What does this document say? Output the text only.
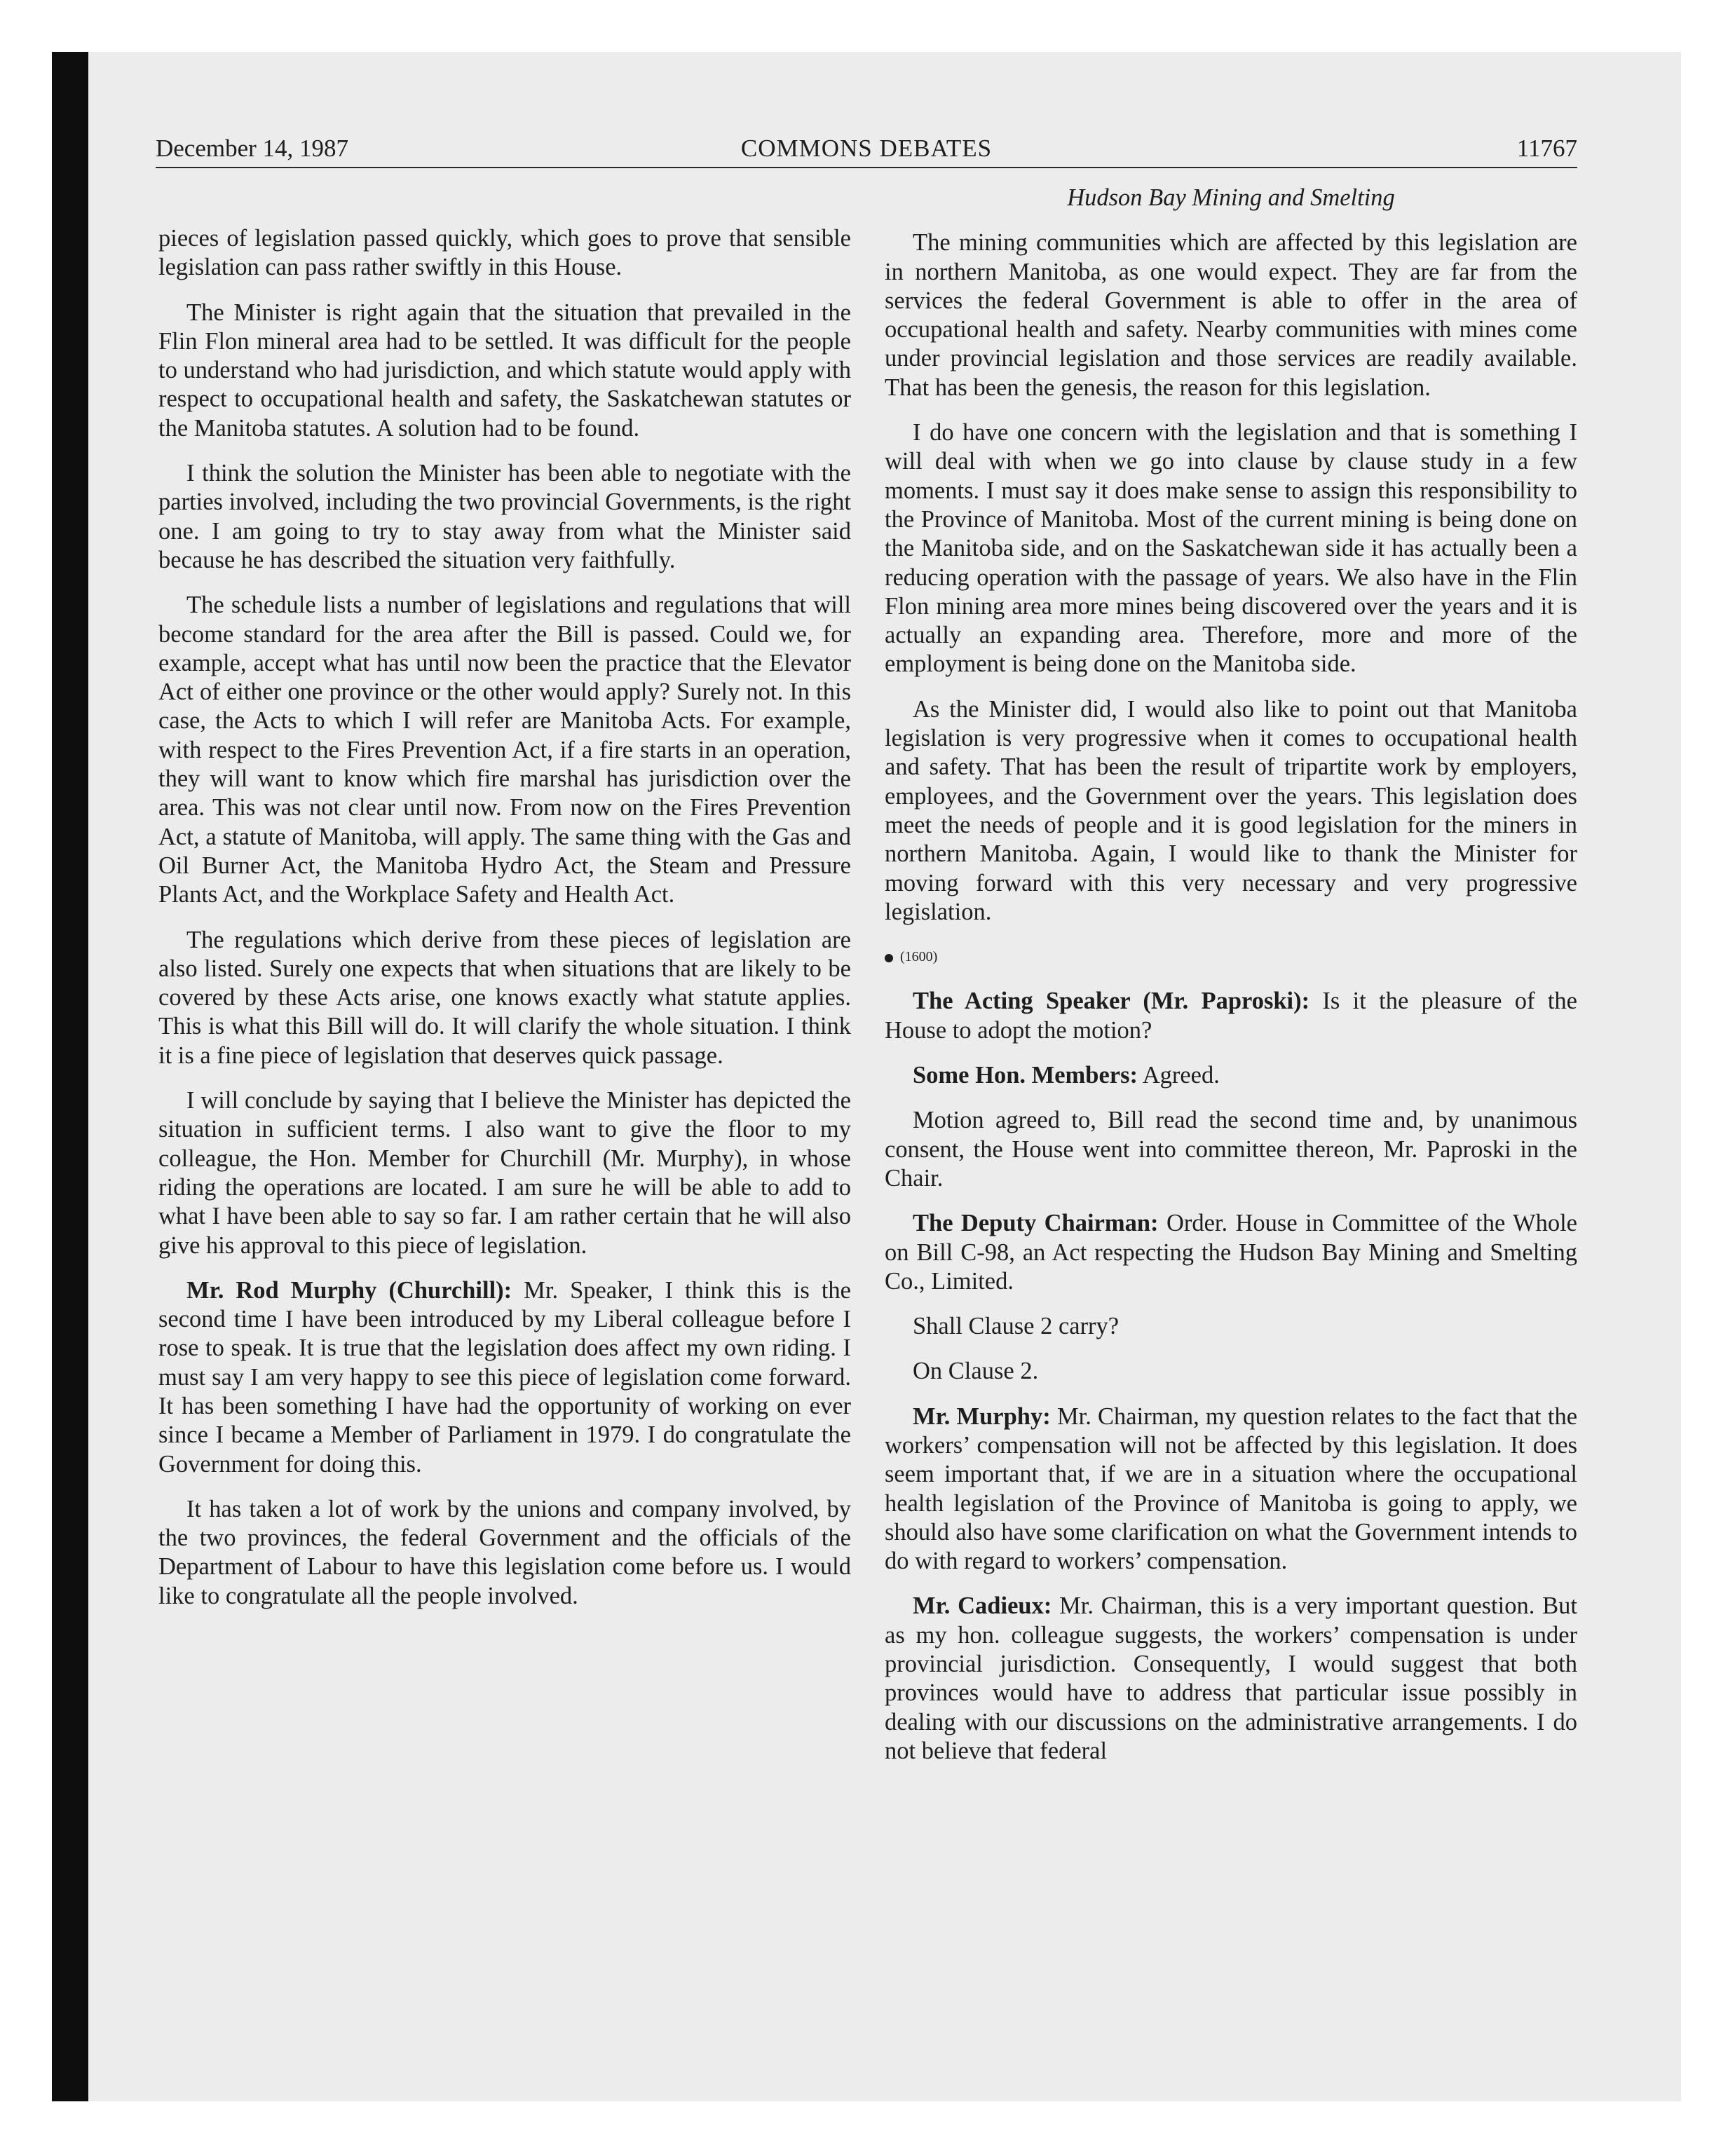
December 14, 1987	COMMONS DEBATES	11767

pieces of legislation passed quickly, which goes to prove that sensible legislation can pass rather swiftly in this House.

The Minister is right again that the situation that prevailed in the Flin Flon mineral area had to be settled. It was difficult for the people to understand who had jurisdiction, and which statute would apply with respect to occupational health and safety, the Saskatchewan statutes or the Manitoba statutes. A solution had to be found.

I think the solution the Minister has been able to negotiate with the parties involved, including the two provincial Governments, is the right one. I am going to try to stay away from what the Minister said because he has described the situation very faithfully.

The schedule lists a number of legislations and regulations that will become standard for the area after the Bill is passed. Could we, for example, accept what has until now been the practice that the Elevator Act of either one province or the other would apply? Surely not. In this case, the Acts to which I will refer are Manitoba Acts. For example, with respect to the Fires Prevention Act, if a fire starts in an operation, they will want to know which fire marshal has jurisdiction over the area. This was not clear until now. From now on the Fires Prevention Act, a statute of Manitoba, will apply. The same thing with the Gas and Oil Burner Act, the Manitoba Hydro Act, the Steam and Pressure Plants Act, and the Workplace Safety and Health Act.

The regulations which derive from these pieces of legislation are also listed. Surely one expects that when situations that are likely to be covered by these Acts arise, one knows exactly what statute applies. This is what this Bill will do. It will clarify the whole situation. I think it is a fine piece of legislation that deserves quick passage.

I will conclude by saying that I believe the Minister has depicted the situation in sufficient terms. I also want to give the floor to my colleague, the Hon. Member for Churchill (Mr. Murphy), in whose riding the operations are located. I am sure he will be able to add to what I have been able to say so far. I am rather certain that he will also give his approval to this piece of legislation.

Mr. Rod Murphy (Churchill): Mr. Speaker, I think this is the second time I have been introduced by my Liberal colleague before I rose to speak. It is true that the legislation does affect my own riding. I must say I am very happy to see this piece of legislation come forward. It has been something I have had the opportunity of working on ever since I became a Member of Parliament in 1979. I do congratulate the Government for doing this.

It has taken a lot of work by the unions and company involved, by the two provinces, the federal Government and the officials of the Department of Labour to have this legislation come before us. I would like to congratulate all the people involved.

Hudson Bay Mining and Smelting

The mining communities which are affected by this legislation are in northern Manitoba, as one would expect. They are far from the services the federal Government is able to offer in the area of occupational health and safety. Nearby communities with mines come under provincial legislation and those services are readily available. That has been the genesis, the reason for this legislation.

I do have one concern with the legislation and that is something I will deal with when we go into clause by clause study in a few moments. I must say it does make sense to assign this responsibility to the Province of Manitoba. Most of the current mining is being done on the Manitoba side, and on the Saskatchewan side it has actually been a reducing operation with the passage of years. We also have in the Flin Flon mining area more mines being discovered over the years and it is actually an expanding area. Therefore, more and more of the employment is being done on the Manitoba side.

As the Minister did, I would also like to point out that Manitoba legislation is very progressive when it comes to occupational health and safety. That has been the result of tripartite work by employers, employees, and the Government over the years. This legislation does meet the needs of people and it is good legislation for the miners in northern Manitoba. Again, I would like to thank the Minister for moving forward with this very necessary and very progressive legislation.

(1600)

The Acting Speaker (Mr. Paproski): Is it the pleasure of the House to adopt the motion?

Some Hon. Members: Agreed.

Motion agreed to, Bill read the second time and, by unanimous consent, the House went into committee thereon, Mr. Paproski in the Chair.

The Deputy Chairman: Order. House in Committee of the Whole on Bill C-98, an Act respecting the Hudson Bay Mining and Smelting Co., Limited.

Shall Clause 2 carry?

On Clause 2.

Mr. Murphy: Mr. Chairman, my question relates to the fact that the workers’ compensation will not be affected by this legislation. It does seem important that, if we are in a situation where the occupational health legislation of the Province of Manitoba is going to apply, we should also have some clarification on what the Government intends to do with regard to workers’ compensation.

Mr. Cadieux: Mr. Chairman, this is a very important question. But as my hon. colleague suggests, the workers’ compensation is under provincial jurisdiction. Consequently, I would suggest that both provinces would have to address that particular issue possibly in dealing with our discussions on the administrative arrangements. I do not believe that federal
